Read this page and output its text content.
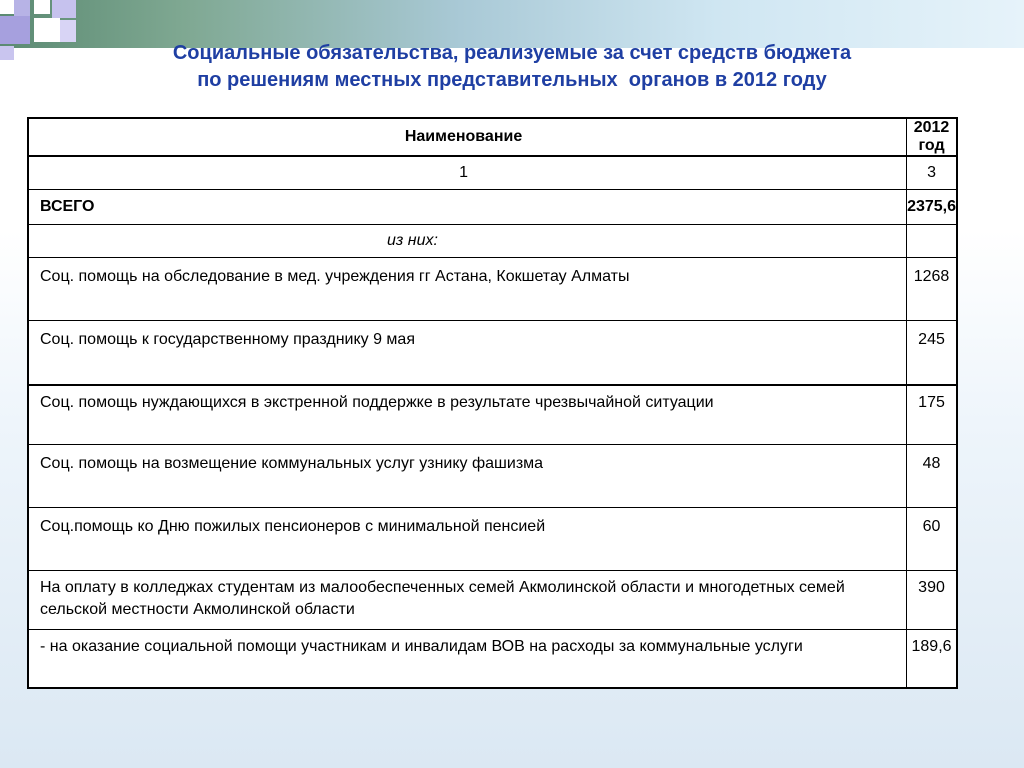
Социальные обязательства, реализуемые за счет средств бюджета
по решениям местных представительных  органов в 2012 году
Наименование	2012 год
1	3
ВСЕГО	2375,6
из них:	

Соц. помощь на обследование в мед. учреждения гг Астана, Кокшетау Алматы	1268

Соц. помощь к государственному празднику 9 мая	245

Соц. помощь нуждающихся в экстренной поддержке в результате чрезвычайной ситуации	175

Соц. помощь на возмещение коммунальных услуг узнику фашизма	48

Соц.помощь ко Дню пожилых пенсионеров с минимальной пенсией	60

На оплату в колледжах студентам из малообеспеченных семей Акмолинской области и многодетных семей сельской местности Акмолинской области	390

- на оказание социальной помощи участникам и инвалидам ВОВ на расходы за коммунальные услуги	189,6
